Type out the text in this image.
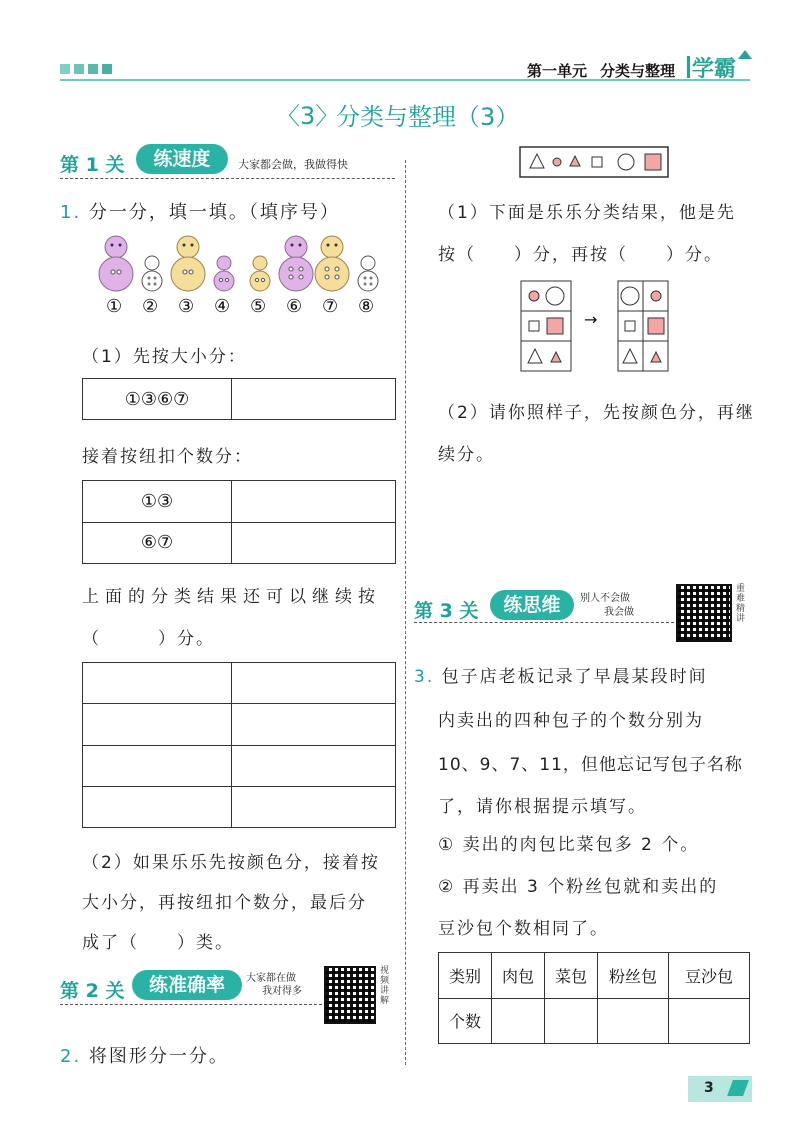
第一单元 分类与整理 学霸
〈3〉
分类与整理（3）
第 1 关	练速度	大家都会做，我做得快
1. 分一分，填一填。（填序号）
① ② ③ ④ ⑤ ⑥ ⑦ ⑧
（1）先按大小分：
①③⑥⑦	
接着按纽扣个数分：
①③	
⑥⑦	
上面的分类结果还可以继续按
（　　　）分。

（2）如果乐乐先按颜色分，接着按
大小分，再按纽扣个数分，最后分
成了（　　）类。
第 2 关	练准确率	大家都在做
我对得多
视频讲解
2. 将图形分一分。
（1）下面是乐乐分类结果，他是先
按（　　）分，再按（　　）分。
→
（2）请你照样子，先按颜色分，再继
续分。
第 3 关	练思维	别人不会做
我会做
重难精讲
3. 包子店老板记录了早晨某段时间
内卖出的四种包子的个数分别为
10、9、7、11，但他忘记写包子名称
了，请你根据提示填写。
① 卖出的肉包比菜包多 2 个。
② 再卖出 3 个粉丝包就和卖出的
豆沙包个数相同了。
类别	肉包	菜包	粉丝包	豆沙包
个数				
3
